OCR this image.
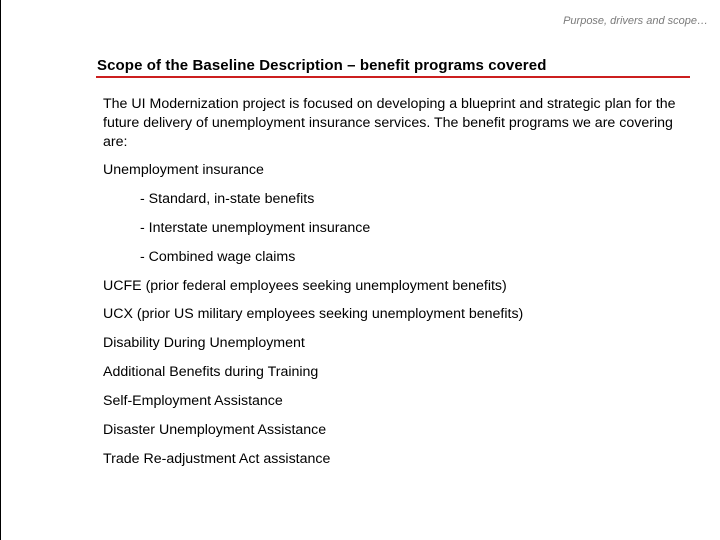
Purpose, drivers and scope…
Scope of the Baseline Description – benefit programs covered
The UI Modernization project is focused on developing a blueprint and strategic plan for the future delivery of unemployment insurance services. The benefit programs we are covering are:
Unemployment insurance
- Standard, in-state benefits
- Interstate unemployment insurance
- Combined wage claims
UCFE (prior federal employees seeking unemployment benefits)
UCX (prior US military employees seeking unemployment benefits)
Disability During Unemployment
Additional Benefits during Training
Self-Employment Assistance
Disaster Unemployment Assistance
Trade Re-adjustment Act assistance
